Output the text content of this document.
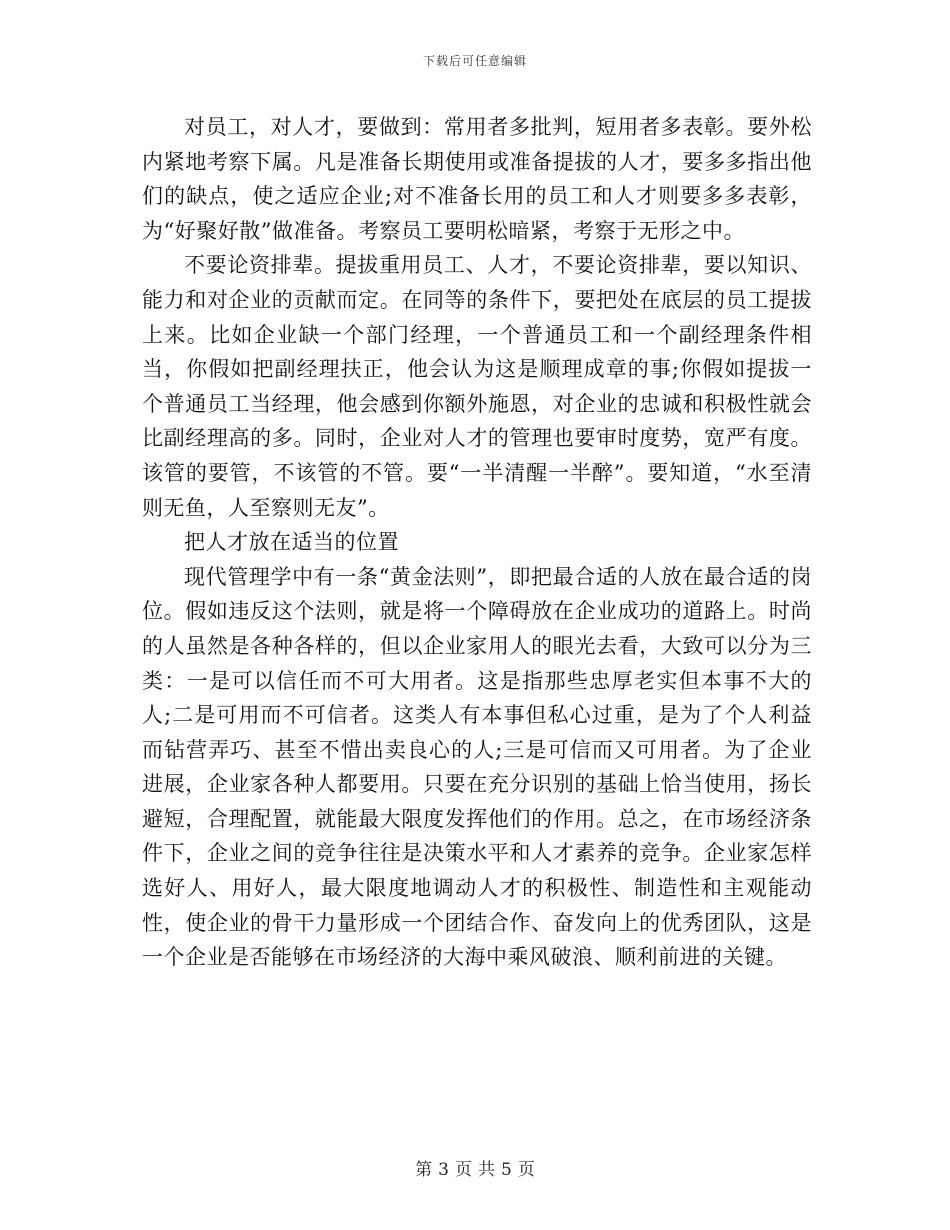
下载后可任意编辑

对员工，对人才，要做到：常用者多批判，短用者多表彰。要外松内紧地考察下属。凡是准备长期使用或准备提拔的人才，要多多指出他们的缺点，使之适应企业;对不准备长用的员工和人才则要多多表彰，为“好聚好散”做准备。考察员工要明松暗紧，考察于无形之中。

不要论资排辈。提拔重用员工、人才，不要论资排辈，要以知识、能力和对企业的贡献而定。在同等的条件下，要把处在底层的员工提拔上来。比如企业缺一个部门经理，一个普通员工和一个副经理条件相当，你假如把副经理扶正，他会认为这是顺理成章的事;你假如提拔一个普通员工当经理，他会感到你额外施恩，对企业的忠诚和积极性就会比副经理高的多。同时，企业对人才的管理也要审时度势，宽严有度。该管的要管，不该管的不管。要“一半清醒一半醉”。要知道，“水至清则无鱼，人至察则无友”。

把人才放在适当的位置

现代管理学中有一条“黄金法则”，即把最合适的人放在最合适的岗位。假如违反这个法则，就是将一个障碍放在企业成功的道路上。时尚的人虽然是各种各样的，但以企业家用人的眼光去看，大致可以分为三类：一是可以信任而不可大用者。这是指那些忠厚老实但本事不大的人;二是可用而不可信者。这类人有本事但私心过重，是为了个人利益而钻营弄巧、甚至不惜出卖良心的人;三是可信而又可用者。为了企业进展，企业家各种人都要用。只要在充分识别的基础上恰当使用，扬长避短，合理配置，就能最大限度发挥他们的作用。总之，在市场经济条件下，企业之间的竞争往往是决策水平和人才素养的竞争。企业家怎样选好人、用好人，最大限度地调动人才的积极性、制造性和主观能动性，使企业的骨干力量形成一个团结合作、奋发向上的优秀团队，这是一个企业是否能够在市场经济的大海中乘风破浪、顺利前进的关键。

第 3 页 共 5 页
